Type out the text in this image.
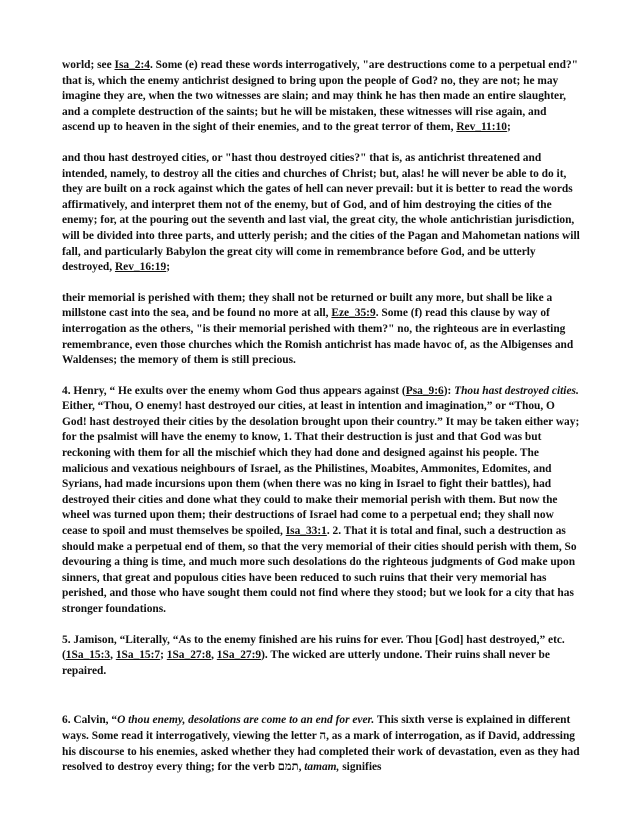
world; see Isa_2:4. Some (e) read these words interrogatively, "are destructions come to a perpetual end?" that is, which the enemy antichrist designed to bring upon the people of God? no, they are not; he may imagine they are, when the two witnesses are slain; and may think he has then made an entire slaughter, and a complete destruction of the saints; but he will be mistaken, these witnesses will rise again, and ascend up to heaven in the sight of their enemies, and to the great terror of them, Rev_11:10;

and thou hast destroyed cities, or "hast thou destroyed cities?" that is, as antichrist threatened and intended, namely, to destroy all the cities and churches of Christ; but, alas! he will never be able to do it, they are built on a rock against which the gates of hell can never prevail: but it is better to read the words affirmatively, and interpret them not of the enemy, but of God, and of him destroying the cities of the enemy; for, at the pouring out the seventh and last vial, the great city, the whole antichristian jurisdiction, will be divided into three parts, and utterly perish; and the cities of the Pagan and Mahometan nations will fall, and particularly Babylon the great city will come in remembrance before God, and be utterly destroyed, Rev_16:19;

their memorial is perished with them; they shall not be returned or built any more, but shall be like a millstone cast into the sea, and be found no more at all, Eze_35:9. Some (f) read this clause by way of interrogation as the others, "is their memorial perished with them?" no, the righteous are in everlasting remembrance, even those churches which the Romish antichrist has made havoc of, as the Albigenses and Waldenses; the memory of them is still precious.

4. Henry, “ He exults over the enemy whom God thus appears against (Psa_9:6): Thou hast destroyed cities. Either, “Thou, O enemy! hast destroyed our cities, at least in intention and imagination,” or “Thou, O God! hast destroyed their cities by the desolation brought upon their country.” It may be taken either way; for the psalmist will have the enemy to know, 1. That their destruction is just and that God was but reckoning with them for all the mischief which they had done and designed against his people. The malicious and vexatious neighbours of Israel, as the Philistines, Moabites, Ammonites, Edomites, and Syrians, had made incursions upon them (when there was no king in Israel to fight their battles), had destroyed their cities and done what they could to make their memorial perish with them. But now the wheel was turned upon them; their destructions of Israel had come to a perpetual end; they shall now cease to spoil and must themselves be spoiled, Isa_33:1. 2. That it is total and final, such a destruction as should make a perpetual end of them, so that the very memorial of their cities should perish with them, So devouring a thing is time, and much more such desolations do the righteous judgments of God make upon sinners, that great and populous cities have been reduced to such ruins that their very memorial has perished, and those who have sought them could not find where they stood; but we look for a city that has stronger foundations.

5. Jamison, “Literally, “As to the enemy finished are his ruins for ever. Thou [God] hast destroyed,” etc. (1Sa_15:3, 1Sa_15:7; 1Sa_27:8, 1Sa_27:9). The wicked are utterly undone. Their ruins shall never be repaired.

6. Calvin, “O thou enemy, desolations are come to an end for ever. This sixth verse is explained in different ways. Some read it interrogatively, viewing the letter ה, as a mark of interrogation, as if David, addressing his discourse to his enemies, asked whether they had completed their work of devastation, even as they had resolved to destroy every thing; for the verb תמם, tamam, signifies
